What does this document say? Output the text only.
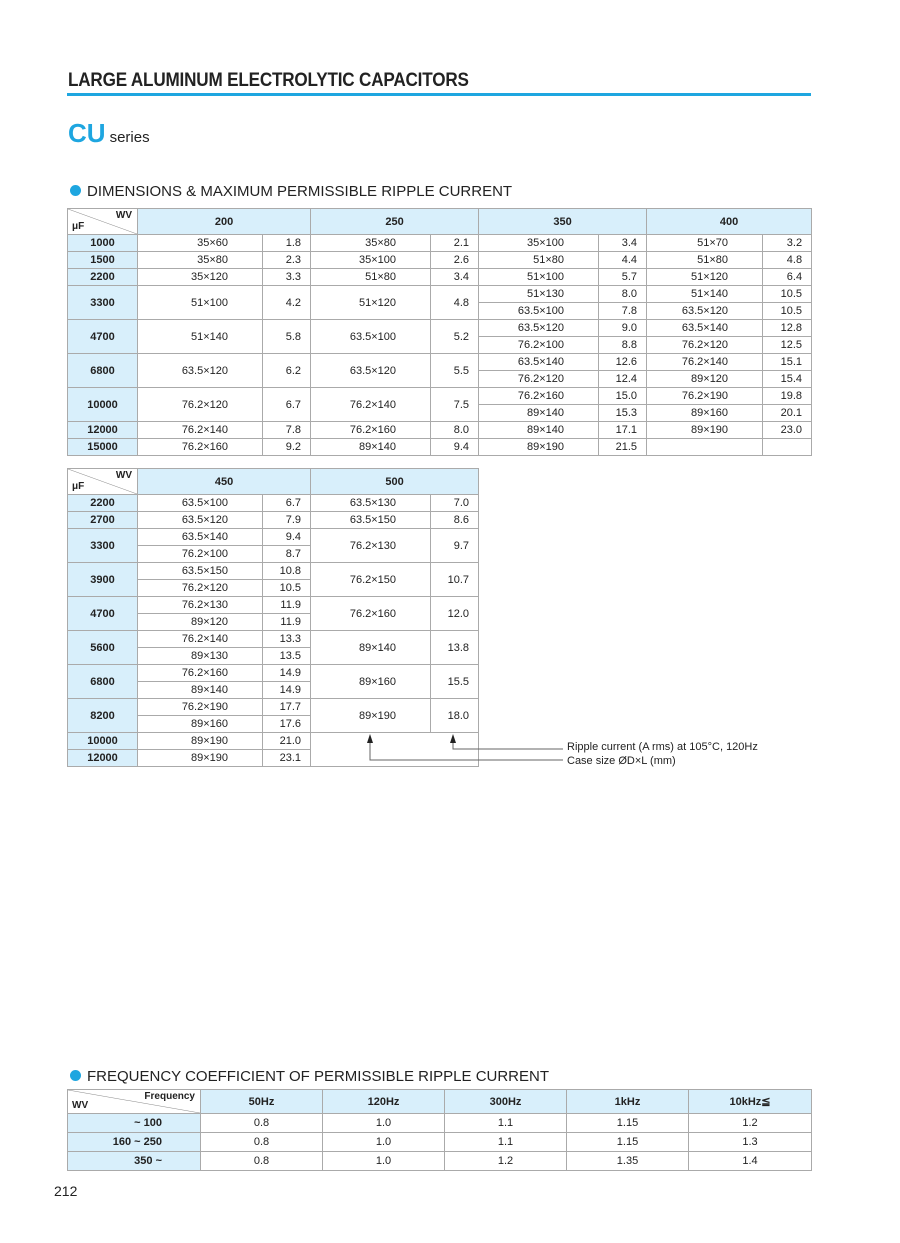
LARGE ALUMINUM ELECTROLYTIC CAPACITORS
CU series
DIMENSIONS & MAXIMUM PERMISSIBLE RIPPLE CURRENT
WV
μF	200		250		350		400	
1000	35×60	1.8	35×80	2.1	35×100	3.4	51×70	3.2
1500	35×80	2.3	35×100	2.6	51×80	4.4	51×80	4.8
2200	35×120	3.3	51×80	3.4	51×100	5.7	51×120	6.4
3300	51×100	4.2	51×120	4.8	51×130	8.0	51×140	10.5
					63.5×100	7.8	63.5×120	10.5
4700	51×140	5.8	63.5×100	5.2	63.5×120	9.0	63.5×140	12.8
					76.2×100	8.8	76.2×120	12.5
6800	63.5×120	6.2	63.5×120	5.5	63.5×140	12.6	76.2×140	15.1
					76.2×120	12.4	89×120	15.4
10000	76.2×120	6.7	76.2×140	7.5	76.2×160	15.0	76.2×190	19.8
					89×140	15.3	89×160	20.1
12000	76.2×140	7.8	76.2×160	8.0	89×140	17.1	89×190	23.0
15000	76.2×160	9.2	89×140	9.4	89×190	21.5		
WV
μF	450		500	
2200	63.5×100	6.7	63.5×130	7.0
2700	63.5×120	7.9	63.5×150	8.6
3300	63.5×140	9.4	76.2×130	9.7
	76.2×100	8.7		
3900	63.5×150	10.8	76.2×150	10.7
	76.2×120	10.5		
4700	76.2×130	11.9	76.2×160	12.0
	89×120	11.9		
5600	76.2×140	13.3	89×140	13.8
	89×130	13.5		
6800	76.2×160	14.9	89×160	15.5
	89×140	14.9		
8200	76.2×190	17.7	89×190	18.0
	89×160	17.6		
10000	89×190	21.0		
12000	89×190	23.1		
Ripple current (A rms) at 105°C, 120Hz
Case size ØD×L (mm)
FREQUENCY COEFFICIENT OF PERMISSIBLE RIPPLE CURRENT
Frequency
WV	50Hz	120Hz	300Hz	1kHz	10kHz≦
~ 100	0.8	1.0	1.1	1.15	1.2
160 ~ 250	0.8	1.0	1.1	1.15	1.3
350 ~	0.8	1.0	1.2	1.35	1.4
212
